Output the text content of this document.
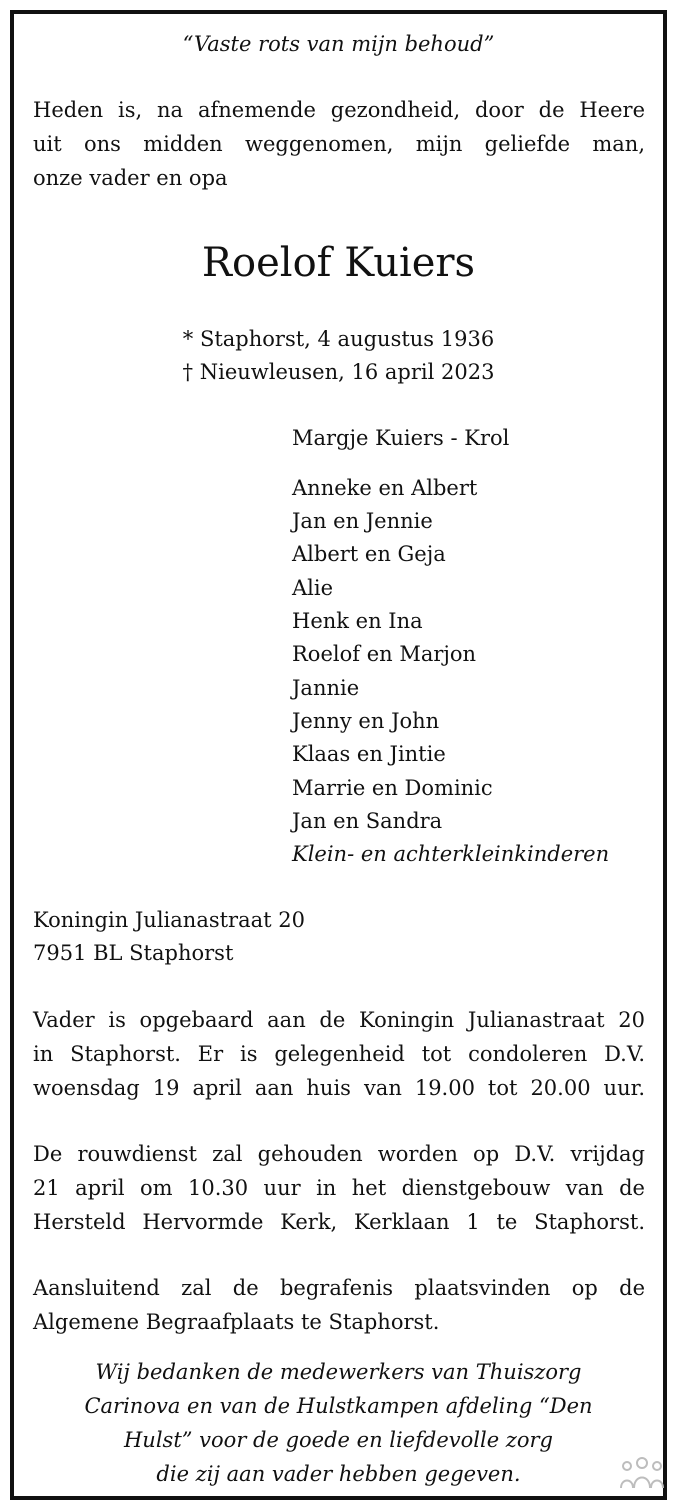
“Vaste rots van mijn behoud”
Heden is, na afnemende gezondheid, door de Heere
uit ons midden weggenomen, mijn geliefde man,
onze vader en opa
Roelof Kuiers
* Staphorst, 4 augustus 1936
† Nieuwleusen, 16 april 2023
Margje Kuiers - Krol
Anneke en Albert
Jan en Jennie
Albert en Geja
Alie
Henk en Ina
Roelof en Marjon
Jannie
Jenny en John
Klaas en Jintie
Marrie en Dominic
Jan en Sandra
Klein- en achterkleinkinderen
Koningin Julianastraat 20
7951 BL Staphorst
Vader is opgebaard aan de Koningin Julianastraat 20
in Staphorst. Er is gelegenheid tot condoleren D.V.
woensdag 19 april aan huis van 19.00 tot 20.00 uur.
De rouwdienst zal gehouden worden op D.V. vrijdag
21 april om 10.30 uur in het dienstgebouw van de
Hersteld Hervormde Kerk, Kerklaan 1 te Staphorst.
Aansluitend zal de begrafenis plaatsvinden op de
Algemene Begraafplaats te Staphorst.
Wij bedanken de medewerkers van Thuiszorg
Carinova en van de Hulstkampen afdeling “Den
Hulst” voor de goede en liefdevolle zorg
die zij aan vader hebben gegeven.
